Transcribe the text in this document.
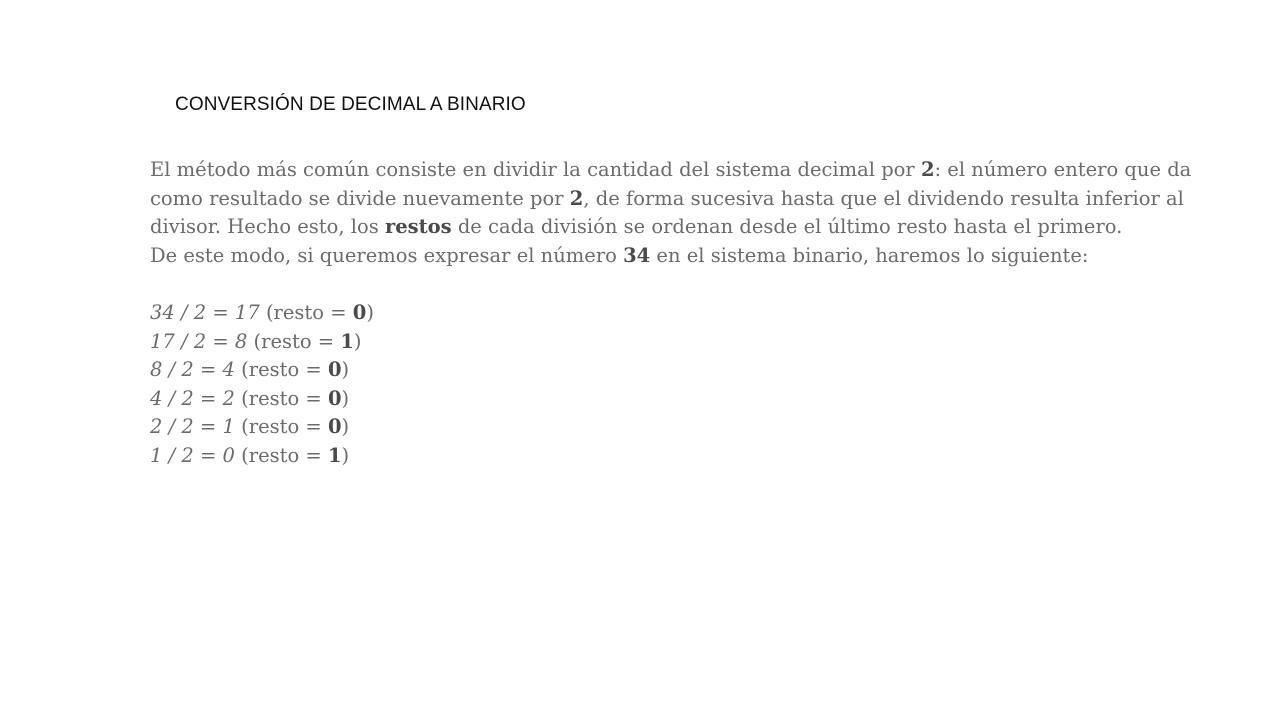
CONVERSIÓN DE DECIMAL A BINARIO

El método más común consiste en dividir la cantidad del sistema decimal por 2: el número entero que da como resultado se divide nuevamente por 2, de forma sucesiva hasta que el dividendo resulta inferior al divisor. Hecho esto, los restos de cada división se ordenan desde el último resto hasta el primero.

De este modo, si queremos expresar el número 34 en el sistema binario, haremos lo siguiente:

34 / 2 = 17 (resto = 0)
17 / 2 = 8 (resto = 1)
8 / 2 = 4 (resto = 0)
4 / 2 = 2 (resto = 0)
2 / 2 = 1 (resto = 0)
1 / 2 = 0 (resto = 1)
